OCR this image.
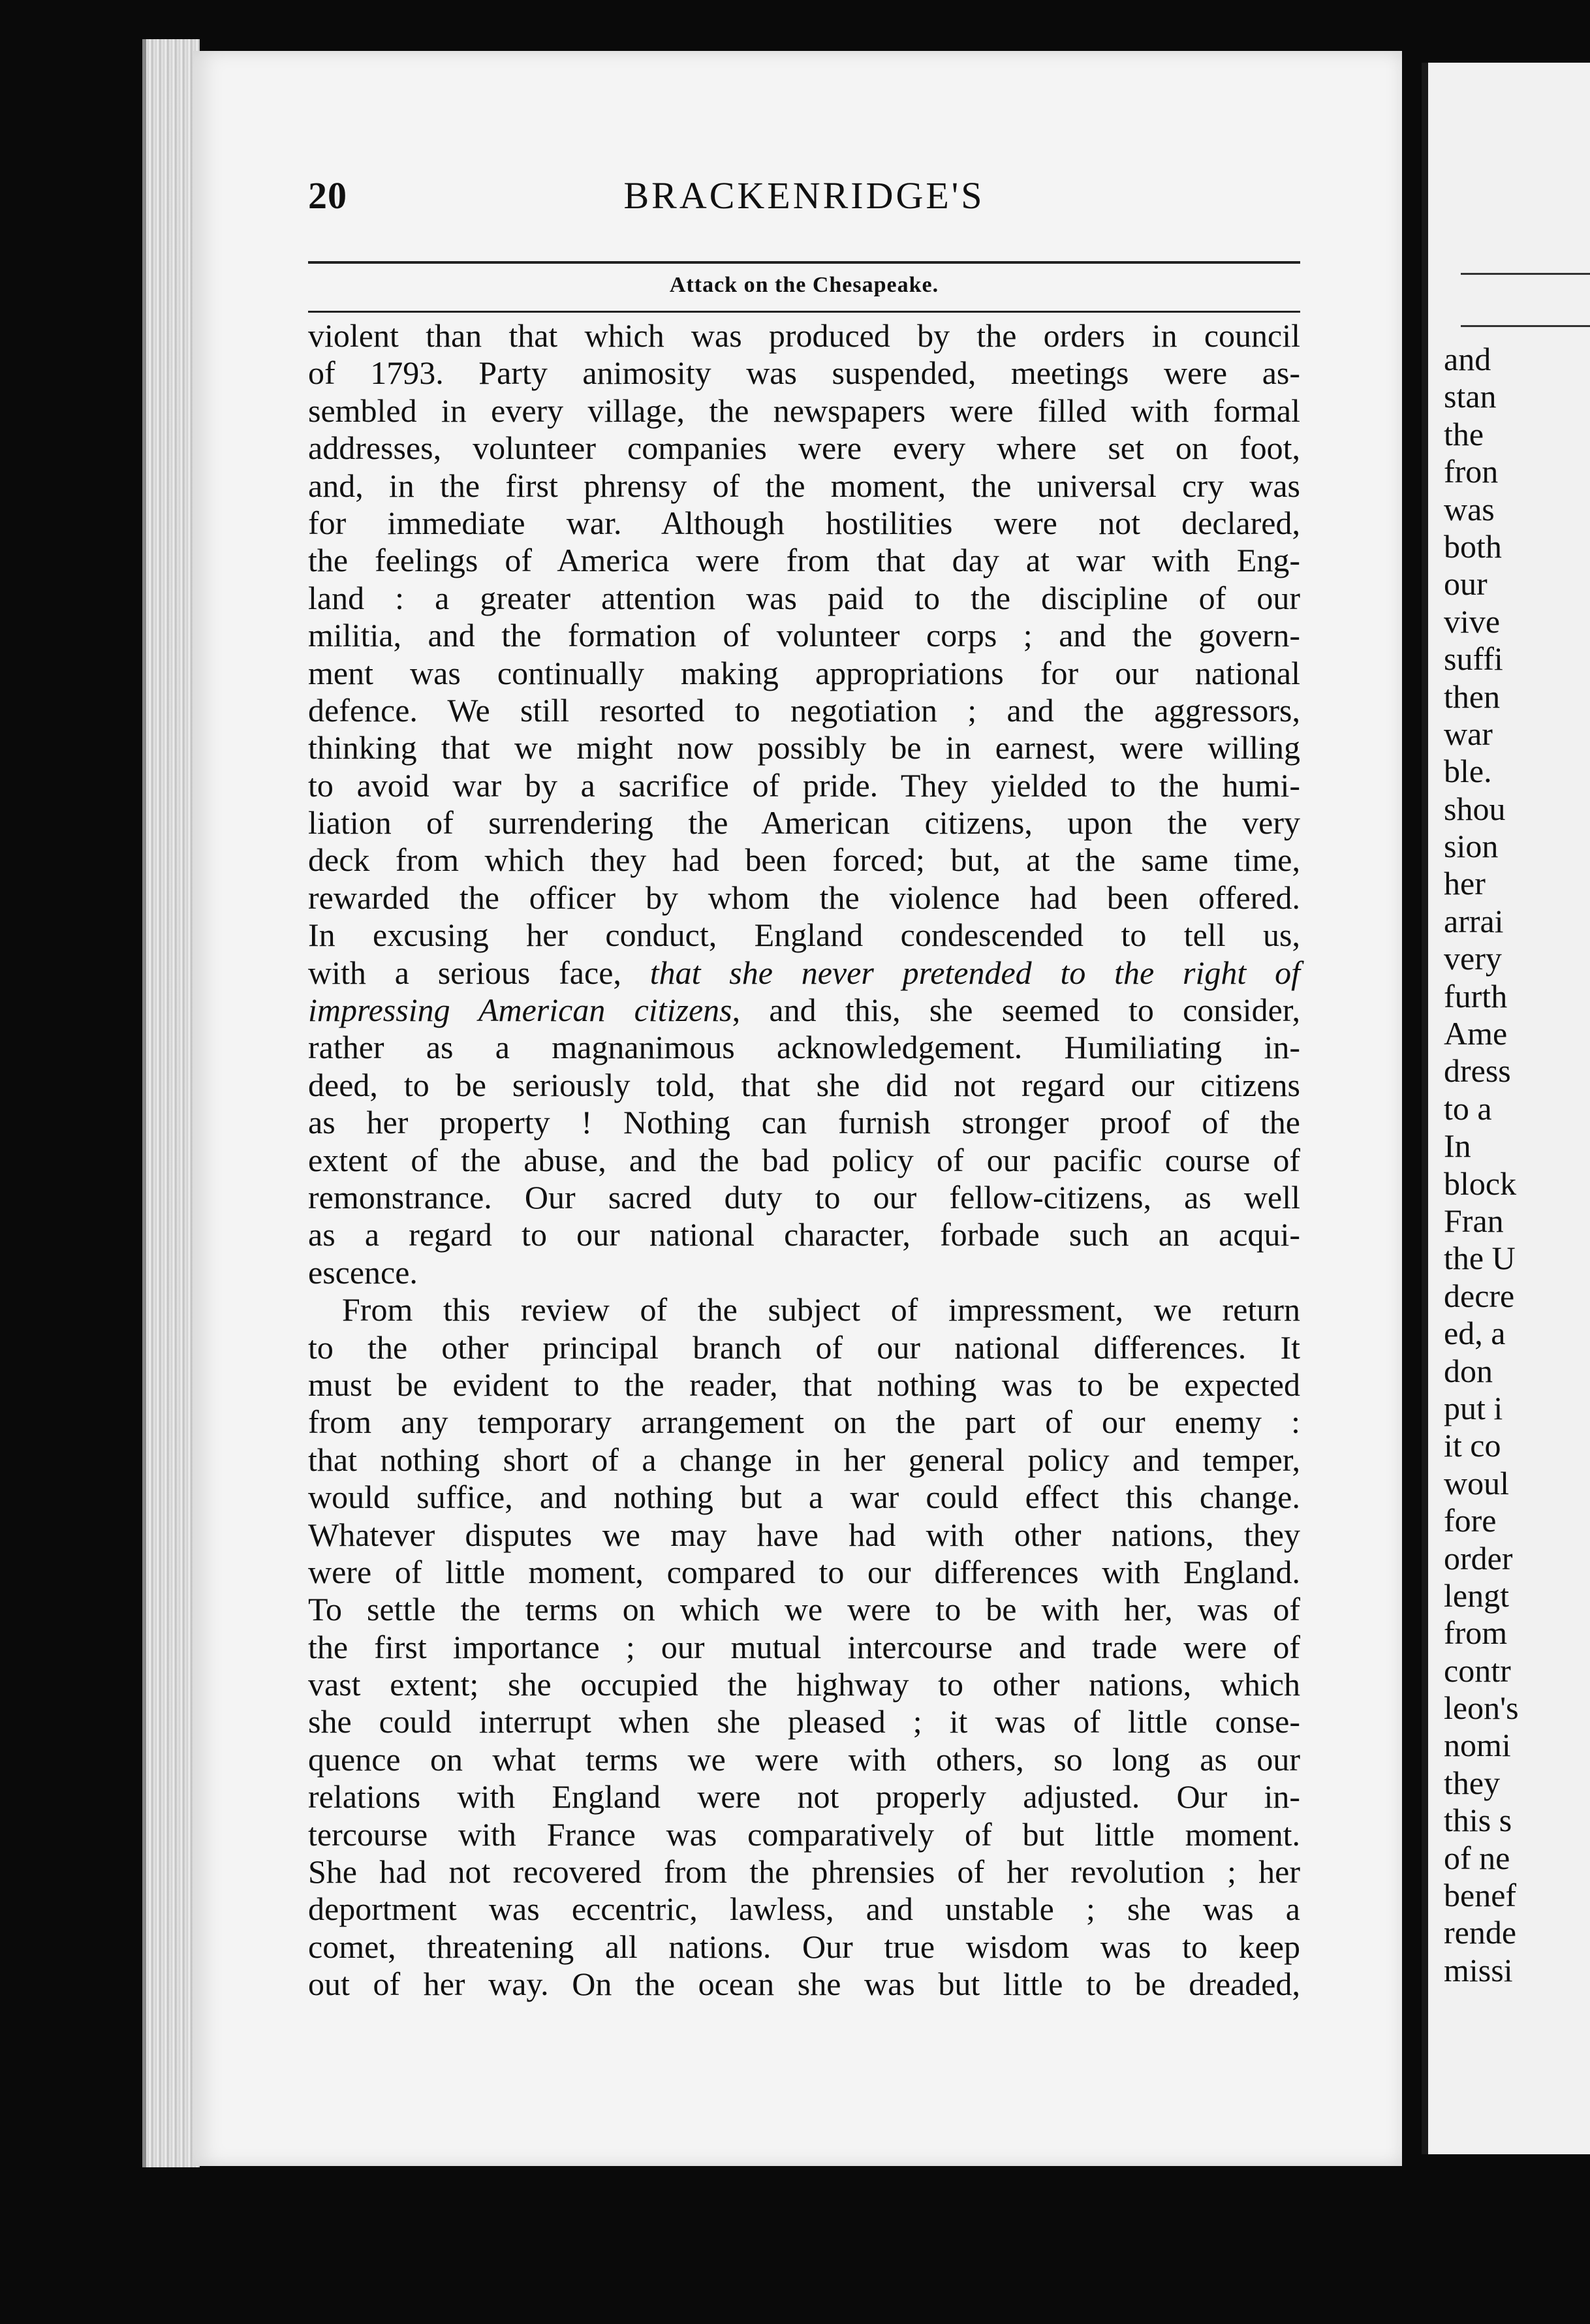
20	BRACKENRIDGE'S
Attack on the Chesapeake.
violent than that which was produced by the orders in council
of 1793. Party animosity was suspended, meetings were as-
sembled in every village, the newspapers were filled with formal
addresses, volunteer companies were every where set on foot,
and, in the first phrensy of the moment, the universal cry was
for immediate war. Although hostilities were not declared,
the feelings of America were from that day at war with Eng-
land : a greater attention was paid to the discipline of our
militia, and the formation of volunteer corps ; and the govern-
ment was continually making appropriations for our national
defence. We still resorted to negotiation ; and the aggressors,
thinking that we might now possibly be in earnest, were willing
to avoid war by a sacrifice of pride. They yielded to the humi-
liation of surrendering the American citizens, upon the very
deck from which they had been forced; but, at the same time,
rewarded the officer by whom the violence had been offered.
In excusing her conduct, England condescended to tell us,
with a serious face, that she never pretended to the right of
impressing American citizens, and this, she seemed to consider,
rather as a magnanimous acknowledgement. Humiliating in-
deed, to be seriously told, that she did not regard our citizens
as her property ! Nothing can furnish stronger proof of the
extent of the abuse, and the bad policy of our pacific course of
remonstrance. Our sacred duty to our fellow-citizens, as well
as a regard to our national character, forbade such an acqui-
escence.
From this review of the subject of impressment, we return
to the other principal branch of our national differences. It
must be evident to the reader, that nothing was to be expected
from any temporary arrangement on the part of our enemy :
that nothing short of a change in her general policy and temper,
would suffice, and nothing but a war could effect this change.
Whatever disputes we may have had with other nations, they
were of little moment, compared to our differences with England.
To settle the terms on which we were to be with her, was of
the first importance ; our mutual intercourse and trade were of
vast extent; she occupied the highway to other nations, which
she could interrupt when she pleased ; it was of little conse-
quence on what terms we were with others, so long as our
relations with England were not properly adjusted. Our in-
tercourse with France was comparatively of but little moment.
She had not recovered from the phrensies of her revolution ; her
deportment was eccentric, lawless, and unstable ; she was a
comet, threatening all nations. Our true wisdom was to keep
out of her way. On the ocean she was but little to be dreaded,
and
stan
the
fron
was
both
our
vive
suffi
then
war
ble.
shou
sion
her
arrai
very
furth
Ame
dress
to a
In
block
Fran
the U
decre
ed, a
don
put i
it co
woul
fore
order
lengt
from
contr
leon's
nomi
they
this s
of ne
benef
rende
missi
